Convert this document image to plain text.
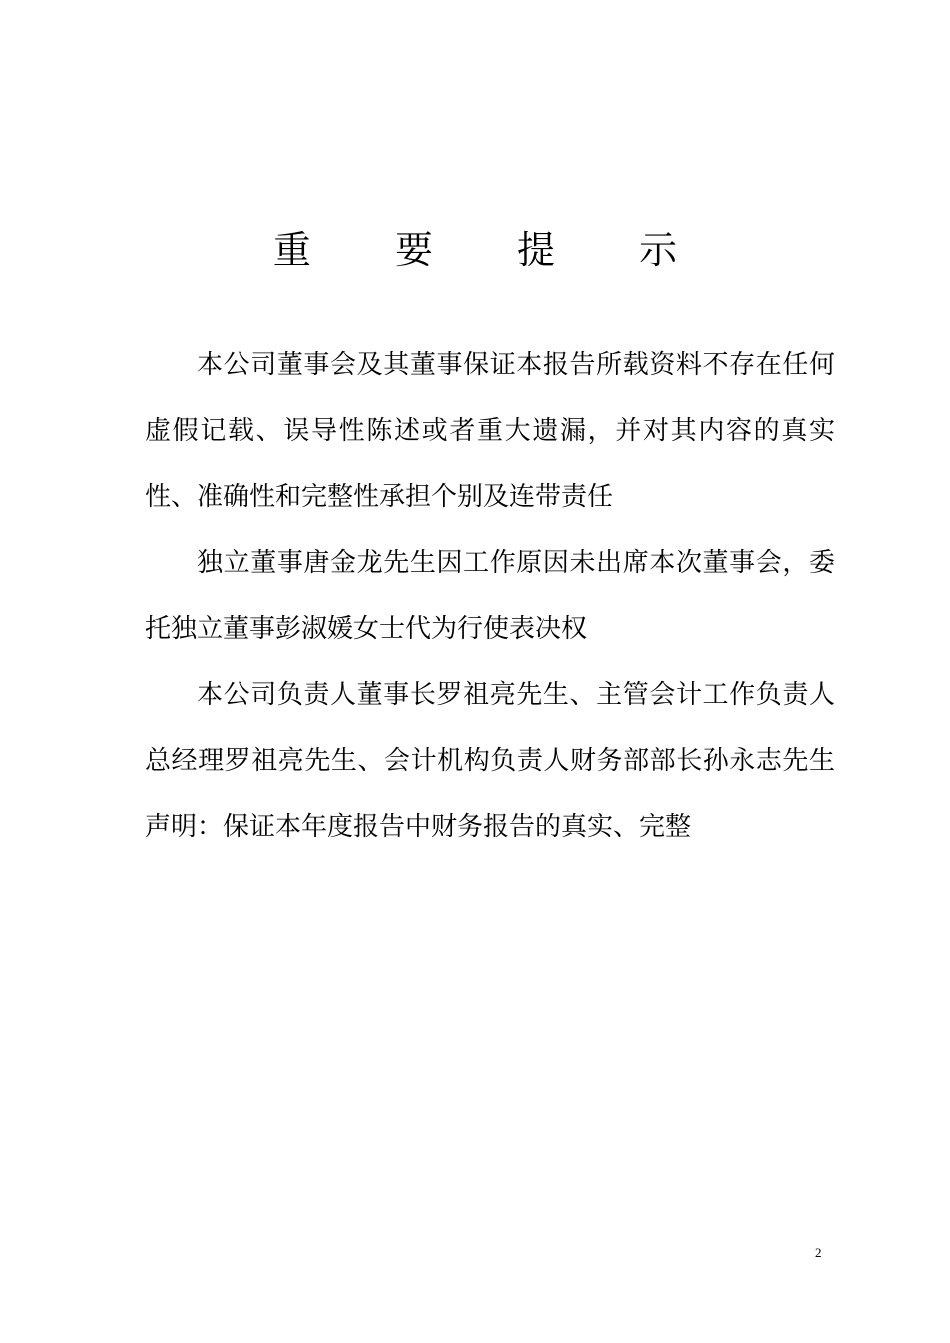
重 要 提 示

本公司董事会及其董事保证本报告所载资料不存在任何虚假记载、误导性陈述或者重大遗漏，并对其内容的真实性、准确性和完整性承担个别及连带责任

独立董事唐金龙先生因工作原因未出席本次董事会，委托独立董事彭淑媛女士代为行使表决权

本公司负责人董事长罗祖亮先生、主管会计工作负责人总经理罗祖亮先生、会计机构负责人财务部部长孙永志先生声明：保证本年度报告中财务报告的真实、完整

2
